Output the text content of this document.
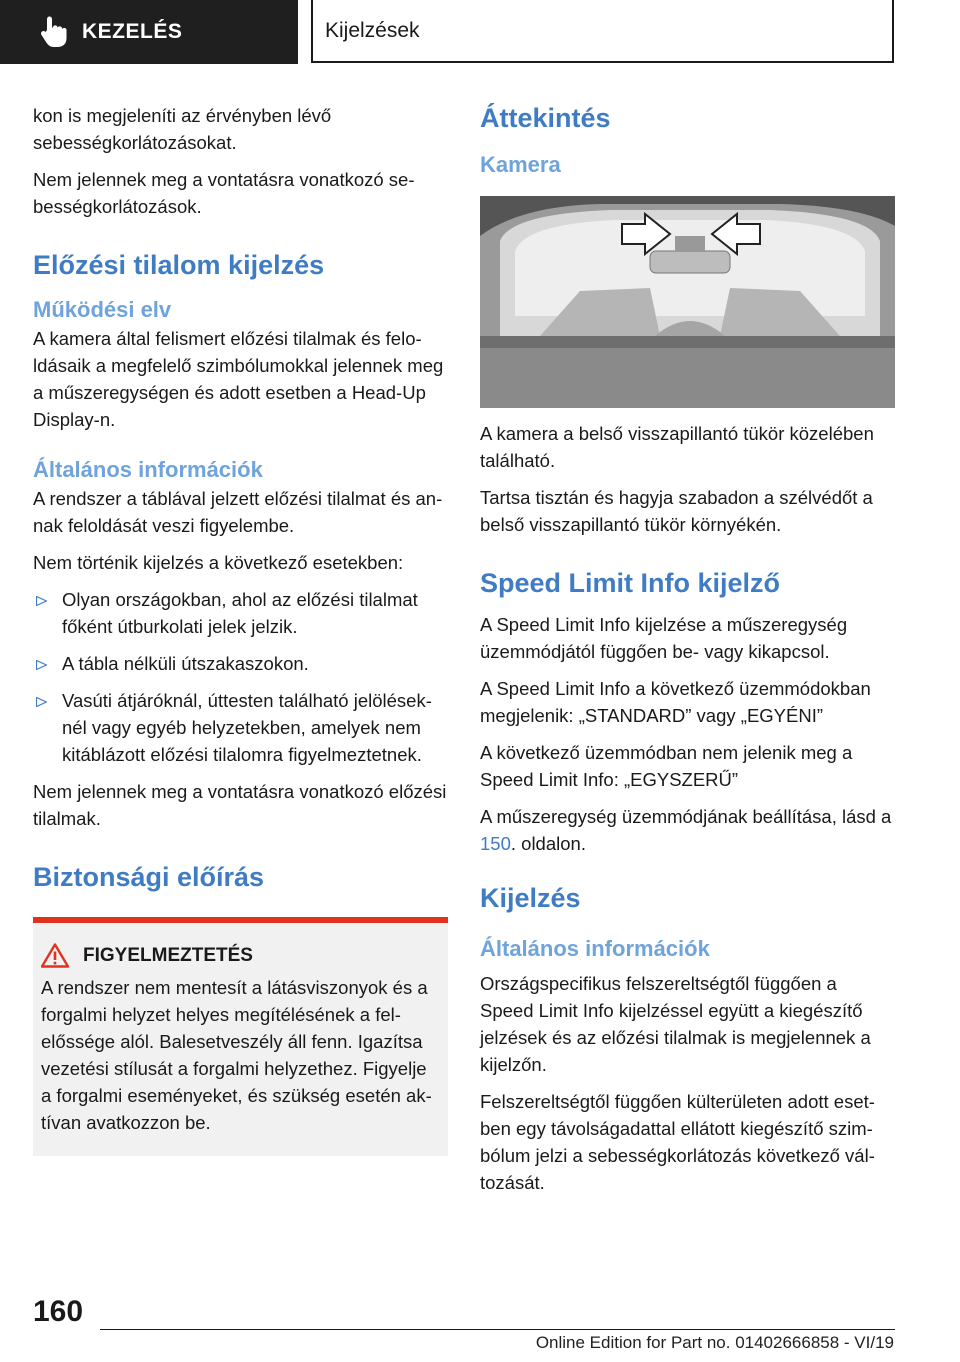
KEZELÉS	Kijelzések

kon is megjeleníti az érvényben lévő sebességkorlátozásokat.

Nem jelennek meg a vontatásra vonatkozó sebességkorlátozások.

Előzési tilalom kijelzés
Működési elv

A kamera által felismert előzési tilalmak és feloldásaik a megfelelő szimbólumokkal jelennek meg a műszeregységen és adott esetben a Head-Up Display-n.

Általános információk

A rendszer a táblával jelzett előzési tilalmat és annak feloldását veszi figyelembe.

Nem történik kijelzés a következő esetekben:

Olyan országokban, ahol az előzési tilalmat főként útburkolati jelek jelzik.
A tábla nélküli útszakaszokon.
Vasúti átjáróknál, úttesten található jelöléseknél vagy egyéb helyzetekben, amelyek nem kitáblázott előzési tilalomra figyelmeztetnek.

Nem jelennek meg a vontatásra vonatkozó előzési tilalmak.

Biztonsági előírás
FIGYELMEZTETÉS

A rendszer nem mentesít a látásviszonyok és a forgalmi helyzet helyes megítélésének a felelőssége alól. Balesetveszély áll fenn. Igazítsa vezetési stílusát a forgalmi helyzethez. Figyelje a forgalmi eseményeket, és szükség esetén aktívan avatkozzon be.

Áttekintés
Kamera

A kamera a belső visszapillantó tükör közelében található.

Tartsa tisztán és hagyja szabadon a szélvédőt a belső visszapillantó tükör környékén.

Speed Limit Info kijelző

A Speed Limit Info kijelzése a műszeregység üzemmódjától függően be- vagy kikapcsol.

A Speed Limit Info a következő üzemmódokban megjelenik: „STANDARD” vagy „EGYÉNI”

A következő üzemmódban nem jelenik meg a Speed Limit Info: „EGYSZERŰ”

A műszeregység üzemmódjának beállítása, lásd a 150. oldalon.

Kijelzés
Általános információk

Országspecifikus felszereltségtől függően a Speed Limit Info kijelzéssel együtt a kiegészítő jelzések és az előzési tilalmak is megjelennek a kijelzőn.

Felszereltségtől függően külterületen adott esetben egy távolságadattal ellátott kiegészítő szimbólum jelzi a sebességkorlátozás következő változását.

160
Online Edition for Part no. 01402666858 - VI/19
